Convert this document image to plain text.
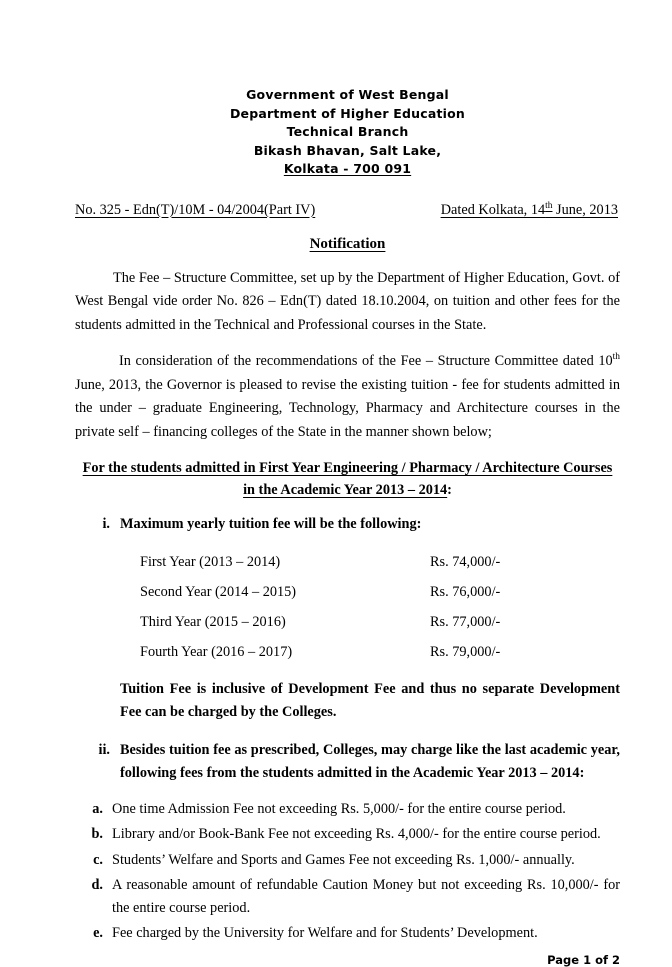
Government of West Bengal
Department of Higher Education
Technical Branch
Bikash Bhavan, Salt Lake,
Kolkata - 700 091
No. 325 - Edn(T)/10M - 04/2004(Part IV)	Dated Kolkata, 14th June, 2013
Notification

The Fee – Structure Committee, set up by the Department of Higher Education, Govt. of West Bengal vide order No. 826 – Edn(T) dated 18.10.2004, on tuition and other fees for the students admitted in the Technical and Professional courses in the State.

In consideration of the recommendations of the Fee – Structure Committee dated 10th June, 2013, the Governor is pleased to revise the existing tuition - fee for students admitted in the under – graduate Engineering, Technology, Pharmacy and Architecture courses in the private self – financing colleges of the State in the manner shown below;

For the students admitted in First Year Engineering / Pharmacy / Architecture Courses
in the Academic Year 2013 – 2014:
i. Maximum yearly tuition fee will be the following:
First Year (2013 – 2014)	Rs. 74,000/-
Second Year (2014 – 2015)	Rs. 76,000/-
Third Year (2015 – 2016)	Rs. 77,000/-
Fourth Year (2016 – 2017)	Rs. 79,000/-
Tuition Fee is inclusive of Development Fee and thus no separate Development Fee can be charged by the Colleges.
ii. Besides tuition fee as prescribed, Colleges, may charge like the last academic year, following fees from the students admitted in the Academic Year 2013 – 2014:
a. One time Admission Fee not exceeding Rs. 5,000/- for the entire course period.
b. Library and/or Book-Bank Fee not exceeding Rs. 4,000/- for the entire course period.
c. Students’ Welfare and Sports and Games Fee not exceeding Rs. 1,000/- annually.
d. A reasonable amount of refundable Caution Money but not exceeding Rs. 10,000/- for the entire course period.
e. Fee charged by the University for Welfare and for Students’ Development.
Page 1 of 2
